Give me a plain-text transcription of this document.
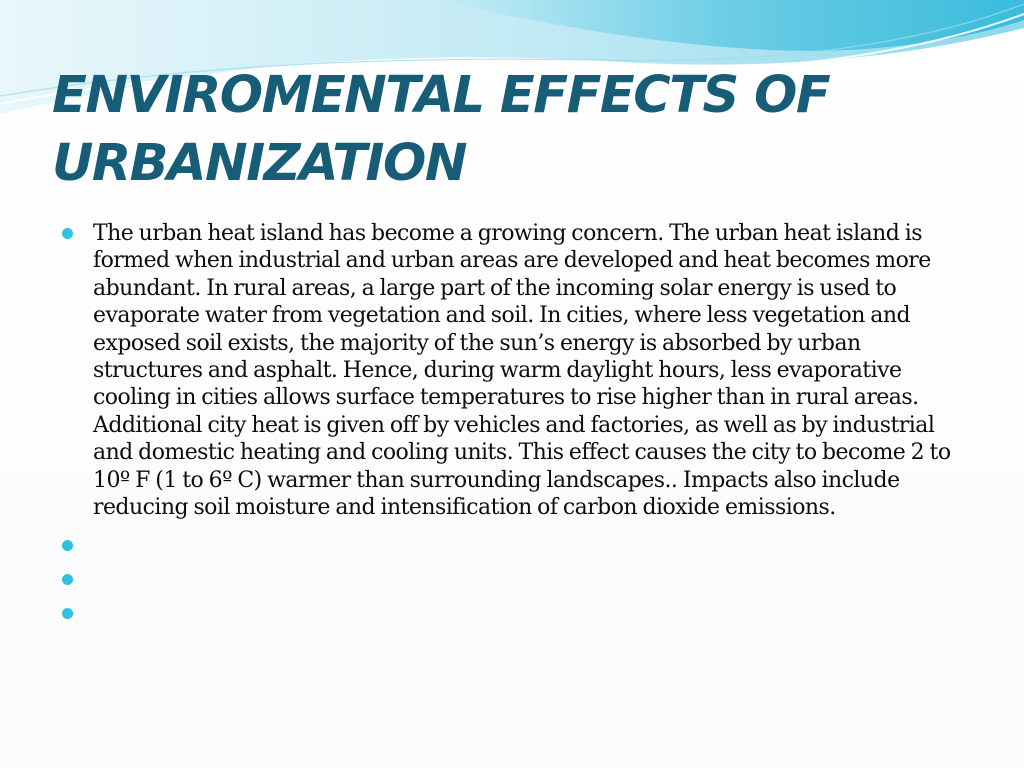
ENVIROMENTAL EFFECTS OF
URBANIZATION
The urban heat island has become a growing concern. The urban heat island is formed when industrial and urban areas are developed and heat becomes more abundant. In rural areas, a large part of the incoming solar energy is used to evaporate water from vegetation and soil. In cities, where less vegetation and exposed soil exists, the majority of the sun’s energy is absorbed by urban structures and asphalt. Hence, during warm daylight hours, less evaporative cooling in cities allows surface temperatures to rise higher than in rural areas. Additional city heat is given off by vehicles and factories, as well as by industrial and domestic heating and cooling units. This effect causes the city to become 2 to 10º F (1 to 6º C) warmer than surrounding landscapes.. Impacts also include reducing soil moisture and intensification of carbon dioxide emissions.
